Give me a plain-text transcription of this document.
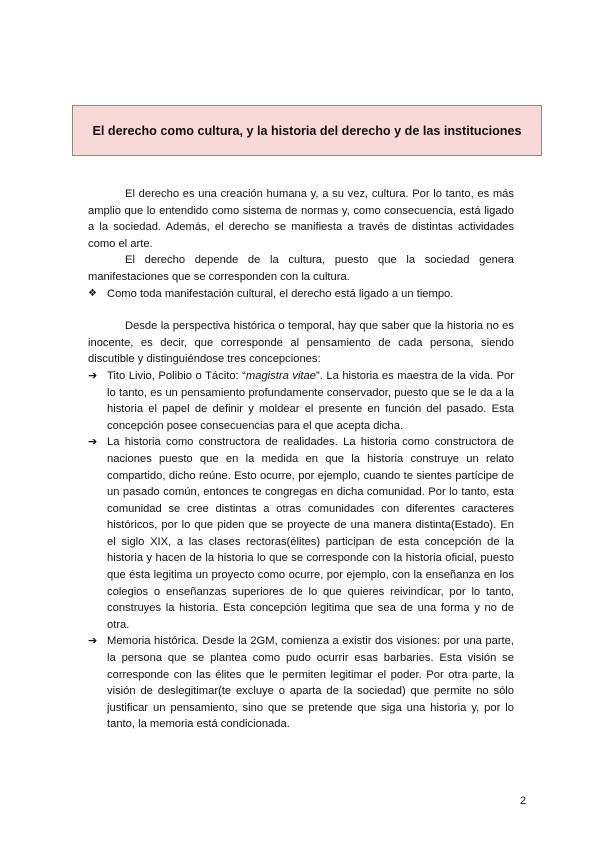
El derecho como cultura, y la historia del derecho y de las instituciones

El derecho es una creación humana y, a su vez, cultura. Por lo tanto, es más amplio que lo entendido como sistema de normas y, como consecuencia, está ligado a la sociedad. Además, el derecho se manifiesta a través de distintas actividades como el arte.

El derecho depende de la cultura, puesto que la sociedad genera manifestaciones que se corresponden con la cultura.

❖ Como toda manifestación cultural, el derecho está ligado a un tiempo.

Desde la perspectiva histórica o temporal, hay que saber que la historia no es inocente, es decir, que corresponde al pensamiento de cada persona, siendo discutible y distinguiéndose tres concepciones:

➔ Tito Livio, Polibio o Tácito: “magistra vitae”. La historia es maestra de la vida. Por lo tanto, es un pensamiento profundamente conservador, puesto que se le da a la historia el papel de definir y moldear el presente en función del pasado. Esta concepción posee consecuencias para el que acepta dicha.
➔ La historia como constructora de realidades. La historia como constructora de naciones puesto que en la medida en que la historia construye un relato compartido, dicho reúne. Esto ocurre, por ejemplo, cuando te sientes partícipe de un pasado común, entonces te congregas en dicha comunidad. Por lo tanto, esta comunidad se cree distintas a otras comunidades con diferentes caracteres históricos, por lo que piden que se proyecte de una manera distinta(Estado). En el siglo XIX, a las clases rectoras(élites) participan de esta concepción de la historia y hacen de la historia lo que se corresponde con la historia oficial, puesto que ésta legitima un proyecto como ocurre, por ejemplo, con la enseñanza en los colegios o enseñanzas superiores de lo que quieres reivindicar, por lo tanto, construyes la historia. Esta concepción legitima que sea de una forma y no de otra.
➔ Memoria histórica. Desde la 2GM, comienza a existir dos visiones: por una parte, la persona que se plantea como pudo ocurrir esas barbaries. Esta visión se corresponde con las élites que le permiten legitimar el poder. Por otra parte, la visión de deslegitimar(te excluye o aparta de la sociedad) que permite no sólo justificar un pensamiento, sino que se pretende que siga una historia y, por lo tanto, la memoria está condicionada.
2
